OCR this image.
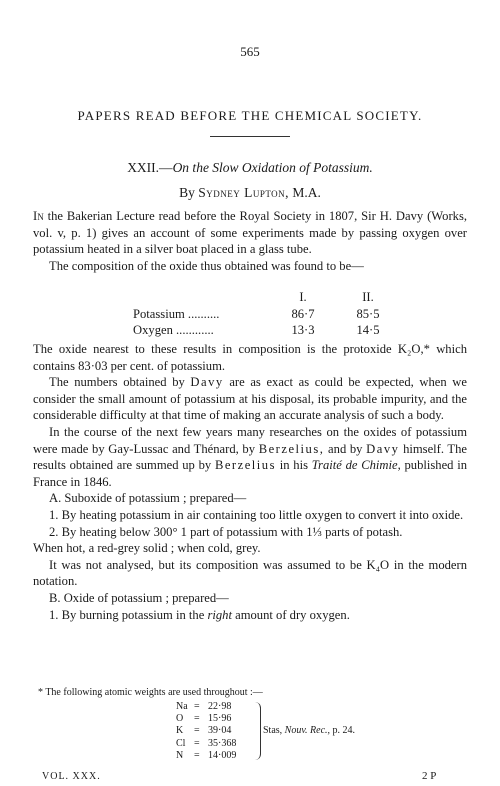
565
PAPERS READ BEFORE THE CHEMICAL SOCIETY.
XXII.—On the Slow Oxidation of Potassium.
By Sydney Lupton, M.A.

In the Bakerian Lecture read before the Royal Society in 1807, Sir H. Davy (Works, vol. v, p. 1) gives an account of some experiments made by passing oxygen over potassium heated in a silver boat placed in a glass tube.

The composition of the oxide thus obtained was found to be—

I.	II.
Potassium ..........	86·7	85·5
Oxygen ............	13·3	14·5

The oxide nearest to these results in composition is the protoxide K₂O,* which contains 83·03 per cent. of potassium.

The numbers obtained by Davy are as exact as could be expected, when we consider the small amount of potassium at his disposal, its probable impurity, and the considerable difficulty at that time of making an accurate analysis of such a body.

In the course of the next few years many researches on the oxides of potassium were made by Gay-Lussac and Thénard, by Berzelius, and by Davy himself. The results obtained are summed up by Berzelius in his Traité de Chimie, published in France in 1846.

A. Suboxide of potassium ; prepared—

1. By heating potassium in air containing too little oxygen to convert it into oxide.

2. By heating below 300° 1 part of potassium with 1⅓ parts of potash.

When hot, a red-grey solid ; when cold, grey.

It was not analysed, but its composition was assumed to be K₄O in the modern notation.

B. Oxide of potassium ; prepared—

1. By burning potassium in the right amount of dry oxygen.

* The following atomic weights are used throughout :—
Na = 22·98
O	= 15·96
K	= 39·04
Cl = 35·368
N	= 14·009
Stas, Nouv. Rec., p. 24.
VOL. XXX.	2 P
